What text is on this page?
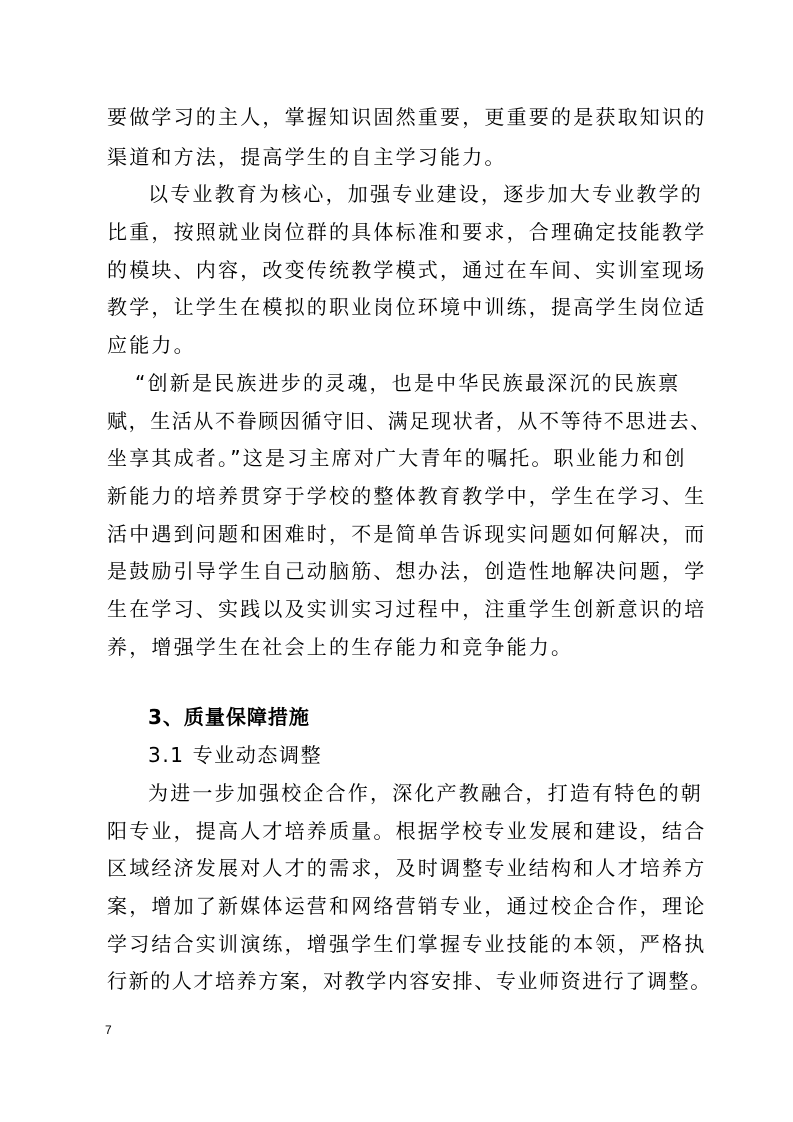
要做学习的主人，掌握知识固然重要，更重要的是获取知识的
渠道和方法，提高学生的自主学习能力。
以专业教育为核心，加强专业建设，逐步加大专业教学的
比重，按照就业岗位群的具体标准和要求，合理确定技能教学
的模块、内容，改变传统教学模式，通过在车间、实训室现场
教学，让学生在模拟的职业岗位环境中训练，提高学生岗位适
应能力。
“创新是民族进步的灵魂，也是中华民族最深沉的民族禀
赋，生活从不眷顾因循守旧、满足现状者，从不等待不思进去、
坐享其成者。”这是习主席对广大青年的嘱托。职业能力和创
新能力的培养贯穿于学校的整体教育教学中，学生在学习、生
活中遇到问题和困难时，不是简单告诉现实问题如何解决，而
是鼓励引导学生自己动脑筋、想办法，创造性地解决问题，学
生在学习、实践以及实训实习过程中，注重学生创新意识的培
养，增强学生在社会上的生存能力和竞争能力。
3、质量保障措施
3.1 专业动态调整
为进一步加强校企合作，深化产教融合，打造有特色的朝
阳专业，提高人才培养质量。根据学校专业发展和建设，结合
区域经济发展对人才的需求，及时调整专业结构和人才培养方
案，增加了新媒体运营和网络营销专业，通过校企合作，理论
学习结合实训演练，增强学生们掌握专业技能的本领，严格执
行新的人才培养方案，对教学内容安排、专业师资进行了调整。
7
